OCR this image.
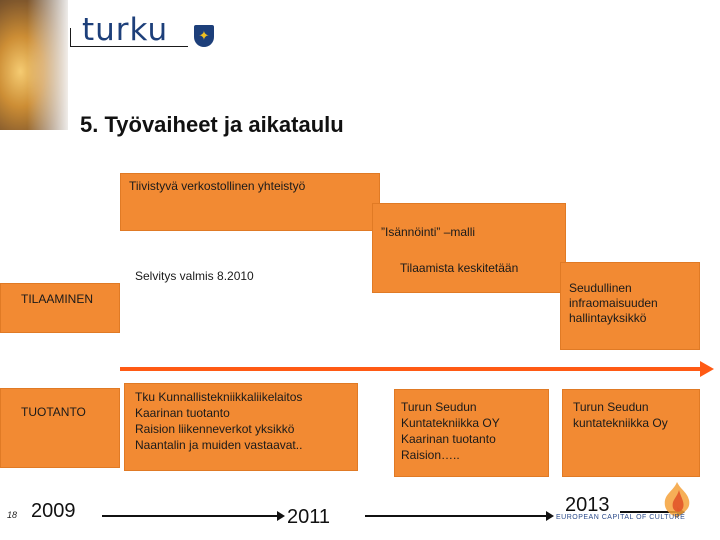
turku	✦
5. Työvaiheet ja aikataulu
Tiivistyvä verkostollinen yhteistyö
”Isännöinti” –malli
Tilaamista keskitetään
Selvitys valmis 8.2010
Seudullinen infraomaisuuden hallintayksikkö
TILAAMINEN
TUOTANTO
Tku Kunnallistekniikkaliikelaitos
Kaarinan tuotanto
Raision liikenneverkot yksikkö
Naantalin ja muiden vastaavat..
Turun Seudun
Kuntatekniikka OY
Kaarinan tuotanto
Raision…..
Turun Seudun
kuntatekniikka Oy
18 2009	2011
2013
EUROPEAN CAPITAL OF CULTURE
